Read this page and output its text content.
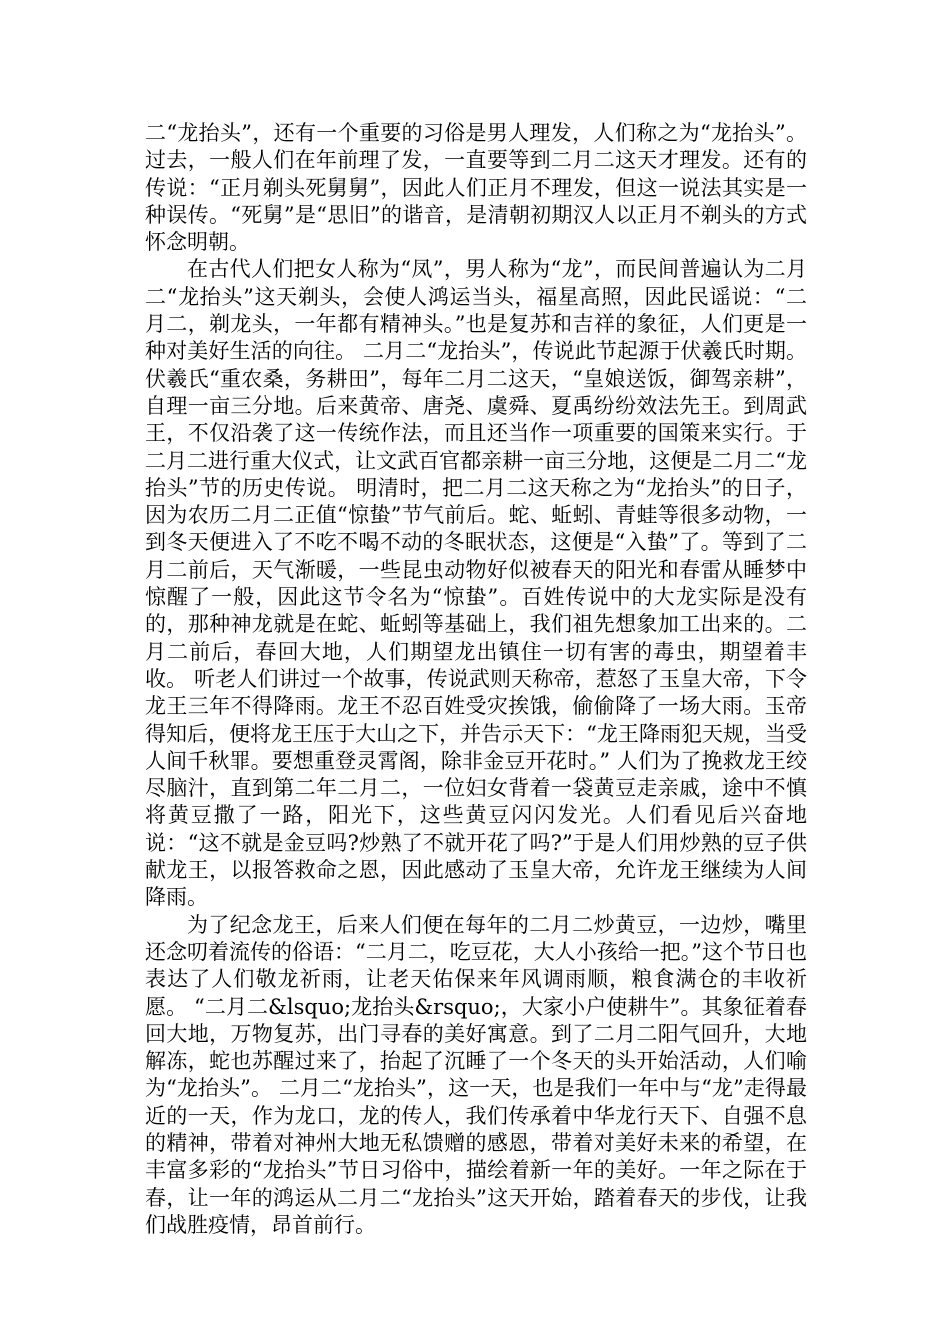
二“龙抬头”，还有一个重要的习俗是男人理发，人们称之为“龙抬头”。过去，一般人们在年前理了发，一直要等到二月二这天才理发。还有的传说：“正月剃头死舅舅”，因此人们正月不理发，但这一说法其实是一种误传。“死舅”是“思旧”的谐音，是清朝初期汉人以正月不剃头的方式怀念明朝。

在古代人们把女人称为“凤”，男人称为“龙”，而民间普遍认为二月二“龙抬头”这天剃头，会使人鸿运当头，福星高照，因此民谣说：“二月二，剃龙头，一年都有精神头。”也是复苏和吉祥的象征，人们更是一种对美好生活的向往。 二月二“龙抬头”，传说此节起源于伏羲氏时期。伏羲氏“重农桑，务耕田”，每年二月二这天，“皇娘送饭，御驾亲耕”，自理一亩三分地。后来黄帝、唐尧、虞舜、夏禹纷纷效法先王。到周武王，不仅沿袭了这一传统作法，而且还当作一项重要的国策来实行。于二月二进行重大仪式，让文武百官都亲耕一亩三分地，这便是二月二“龙抬头”节的历史传说。 明清时，把二月二这天称之为“龙抬头”的日子，因为农历二月二正值“惊蛰”节气前后。蛇、蚯蚓、青蛙等很多动物，一到冬天便进入了不吃不喝不动的冬眠状态，这便是“入蛰”了。等到了二月二前后，天气渐暖，一些昆虫动物好似被春天的阳光和春雷从睡梦中惊醒了一般，因此这节令名为“惊蛰”。百姓传说中的大龙实际是没有的，那种神龙就是在蛇、蚯蚓等基础上，我们祖先想象加工出来的。二月二前后，春回大地，人们期望龙出镇住一切有害的毒虫，期望着丰收。 听老人们讲过一个故事，传说武则天称帝，惹怒了玉皇大帝，下令龙王三年不得降雨。龙王不忍百姓受灾挨饿，偷偷降了一场大雨。玉帝得知后，便将龙王压于大山之下，并告示天下：“龙王降雨犯天规，当受人间千秋罪。要想重登灵霄阁，除非金豆开花时。” 人们为了挽救龙王绞尽脑汁，直到第二年二月二，一位妇女背着一袋黄豆走亲戚，途中不慎将黄豆撒了一路，阳光下，这些黄豆闪闪发光。人们看见后兴奋地说：“这不就是金豆吗?炒熟了不就开花了吗?”于是人们用炒熟的豆子供献龙王，以报答救命之恩，因此感动了玉皇大帝，允许龙王继续为人间降雨。

为了纪念龙王，后来人们便在每年的二月二炒黄豆，一边炒，嘴里还念叨着流传的俗语：“二月二，吃豆花，大人小孩给一把。”这个节日也表达了人们敬龙祈雨，让老天佑保来年风调雨顺，粮食满仓的丰收祈愿。 “二月二&lsquo;龙抬头&rsquo;，大家小户使耕牛”。其象征着春回大地，万物复苏，出门寻春的美好寓意。到了二月二阳气回升，大地解冻，蛇也苏醒过来了，抬起了沉睡了一个冬天的头开始活动，人们喻为“龙抬头”。 二月二“龙抬头”，这一天，也是我们一年中与“龙”走得最近的一天，作为龙口，龙的传人，我们传承着中华龙行天下、自强不息的精神，带着对神州大地无私馈赠的感恩，带着对美好未来的希望，在丰富多彩的“龙抬头”节日习俗中，描绘着新一年的美好。一年之际在于春，让一年的鸿运从二月二“龙抬头”这天开始，踏着春天的步伐，让我们战胜疫情，昂首前行。
